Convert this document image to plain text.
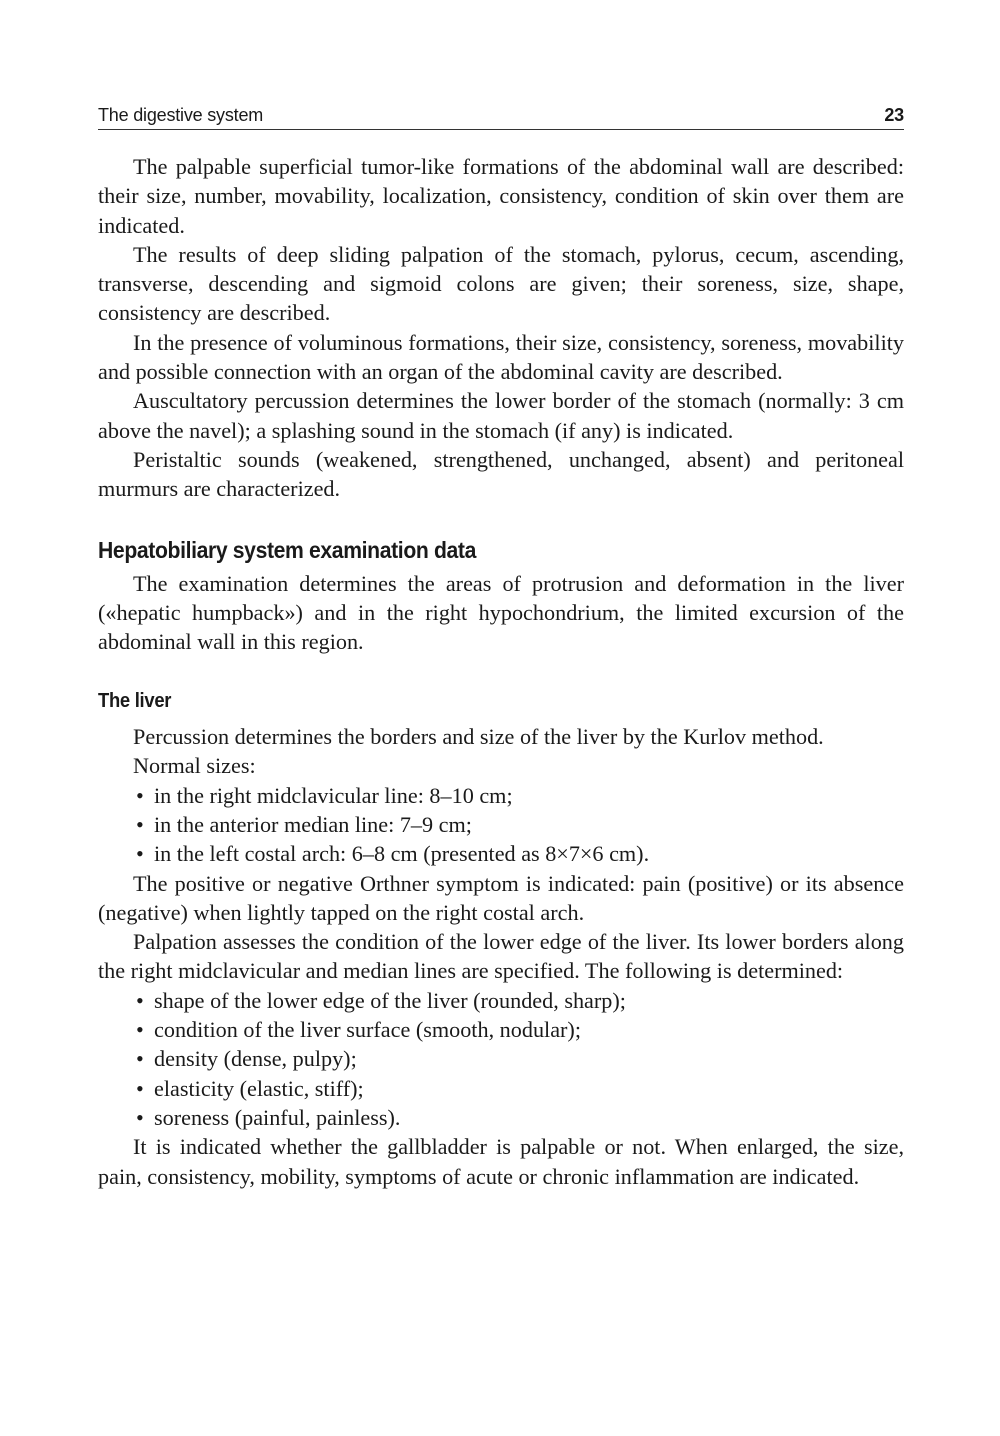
The digestive system	23

The palpable superficial tumor-like formations of the abdominal wall are described: their size, number, movability, localization, consistency, condition of skin over them are indicated.

The results of deep sliding palpation of the stomach, pylorus, cecum, ascending, transverse, descending and sigmoid colons are given; their soreness, size, shape, consistency are described.

In the presence of voluminous formations, their size, consistency, soreness, movability and possible connection with an organ of the abdominal cavity are described.

Auscultatory percussion determines the lower border of the stomach (normally: 3 cm above the navel); a splashing sound in the stomach (if any) is indicated.

Peristaltic sounds (weakened, strengthened, unchanged, absent) and peritoneal murmurs are characterized.

Hepatobiliary system examination data

The examination determines the areas of protrusion and deformation in the liver («hepatic humpback») and in the right hypochondrium, the limited excursion of the abdominal wall in this region.

The liver

Percussion determines the borders and size of the liver by the Kurlov method.

Normal sizes:

• in the right midclavicular line: 8–10 cm;
• in the anterior median line: 7–9 cm;
• in the left costal arch: 6–8 cm (presented as 8×7×6 cm).

The positive or negative Orthner symptom is indicated: pain (positive) or its absence (negative) when lightly tapped on the right costal arch.

Palpation assesses the condition of the lower edge of the liver. Its lower borders along the right midclavicular and median lines are specified. The following is determined:

• shape of the lower edge of the liver (rounded, sharp);
• condition of the liver surface (smooth, nodular);
• density (dense, pulpy);
• elasticity (elastic, stiff);
• soreness (painful, painless).

It is indicated whether the gallbladder is palpable or not. When enlarged, the size, pain, consistency, mobility, symptoms of acute or chronic inflammation are indicated.
